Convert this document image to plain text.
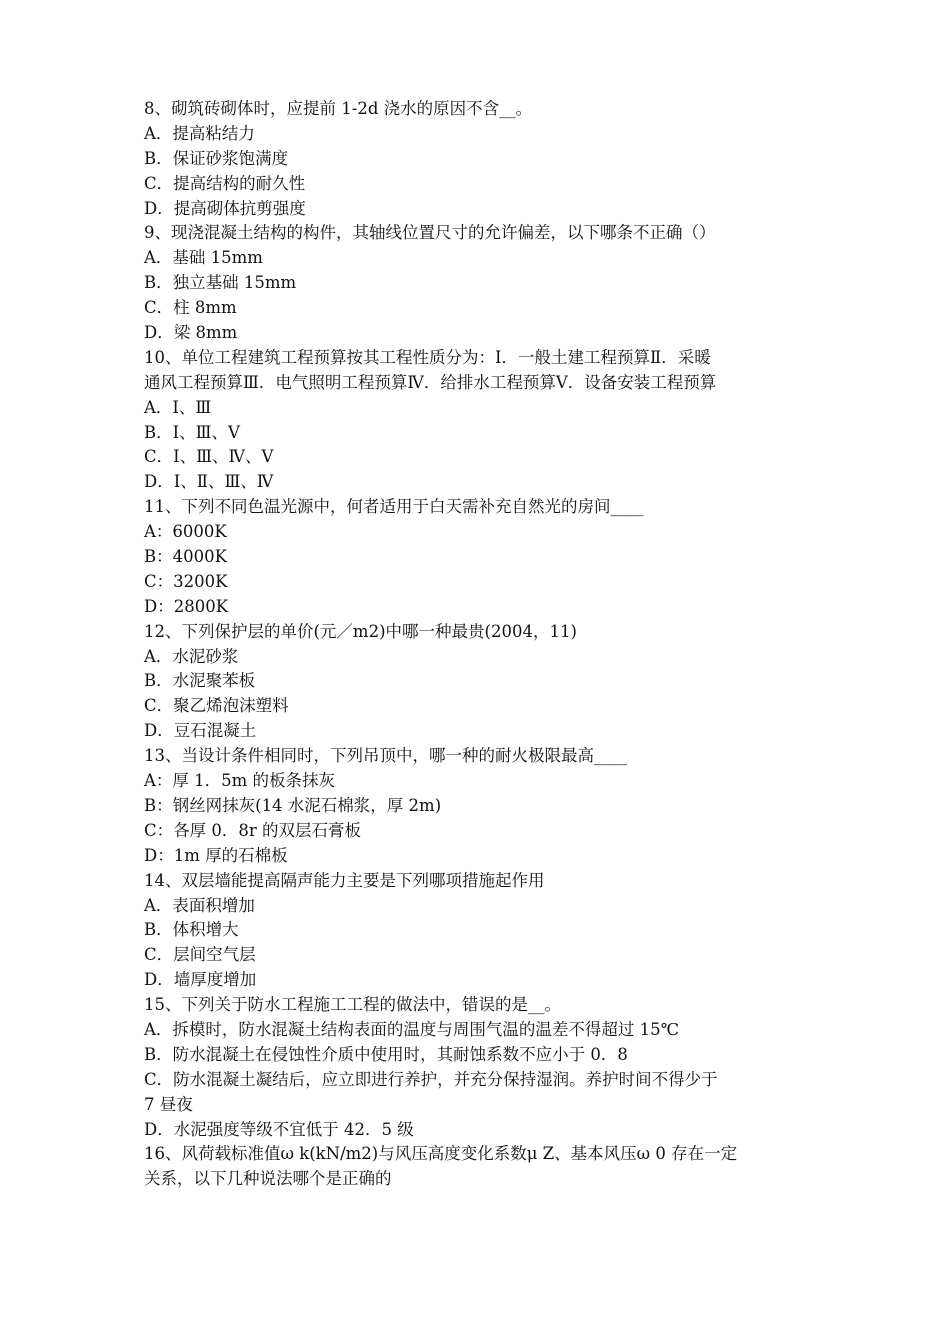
8、砌筑砖砌体时，应提前 1-2d 浇水的原因不含__。
A．提高粘结力
B．保证砂浆饱满度
C．提高结构的耐久性
D．提高砌体抗剪强度
9、现浇混凝土结构的构件，其轴线位置尺寸的允许偏差，以下哪条不正确（）
A．基础 15mm
B．独立基础 15mm
C．柱 8mm
D．梁 8mm
10、单位工程建筑工程预算按其工程性质分为：Ⅰ．一般土建工程预算Ⅱ．采暖
通风工程预算Ⅲ．电气照明工程预算Ⅳ．给排水工程预算Ⅴ．设备安装工程预算
A．Ⅰ、Ⅲ
B．Ⅰ、Ⅲ、Ⅴ
C．Ⅰ、Ⅲ、Ⅳ、Ⅴ
D．Ⅰ、Ⅱ、Ⅲ、Ⅳ
11、下列不同色温光源中，何者适用于白天需补充自然光的房间____
A：6000K
B：4000K
C：3200K
D：2800K
12、下列保护层的单价(元／m2)中哪一种最贵(2004，11)
A．水泥砂浆
B．水泥聚苯板
C．聚乙烯泡沫塑料
D．豆石混凝土
13、当设计条件相同时，下列吊顶中，哪一种的耐火极限最高____
A：厚 1．5m 的板条抹灰
B：钢丝网抹灰(14 水泥石棉浆，厚 2m)
C：各厚 0．8r 的双层石膏板
D：1m 厚的石棉板
14、双层墙能提高隔声能力主要是下列哪项措施起作用
A．表面积增加
B．体积增大
C．层间空气层
D．墙厚度增加
15、下列关于防水工程施工工程的做法中，错误的是__。
A．拆模时，防水混凝土结构表面的温度与周围气温的温差不得超过 15℃
B．防水混凝土在侵蚀性介质中使用时，其耐蚀系数不应小于 0．8
C．防水混凝土凝结后，应立即进行养护，并充分保持湿润。养护时间不得少于
7 昼夜
D．水泥强度等级不宜低于 42．5 级
16、风荷载标准值ω k(kN/m2)与风压高度变化系数μ Z、基本风压ω 0 存在一定
关系，以下几种说法哪个是正确的
